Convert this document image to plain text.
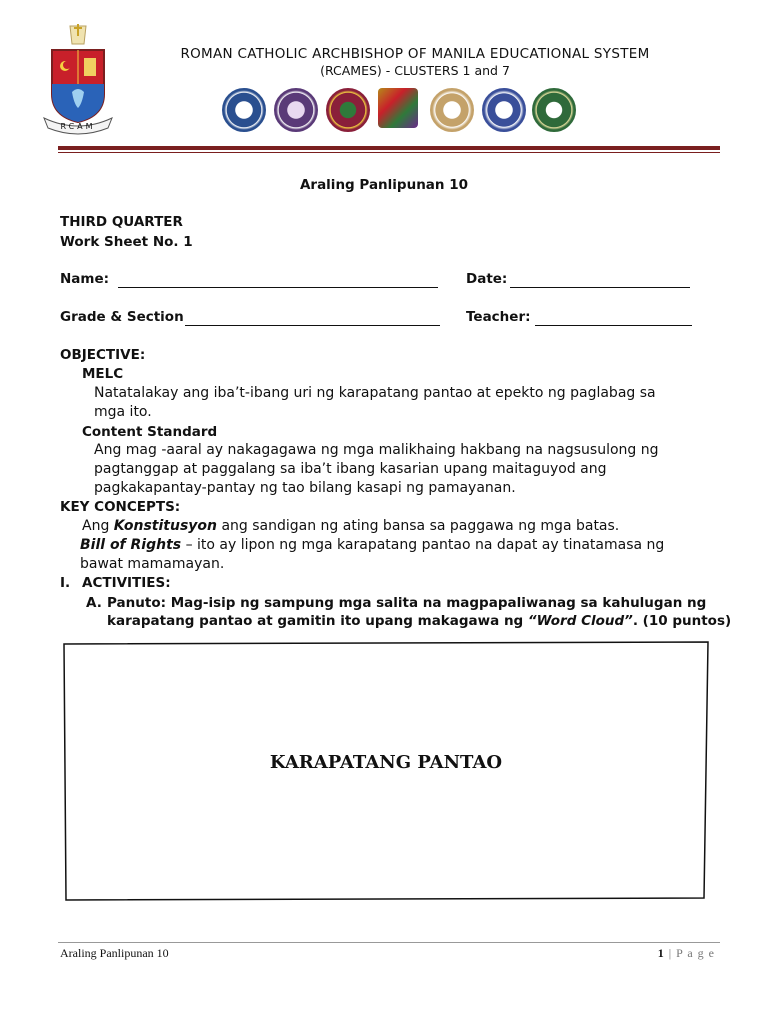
RCAM
ROMAN CATHOLIC ARCHBISHOP OF MANILA EDUCATIONAL SYSTEM
(RCAMES) - CLUSTERS 1 and 7
Araling Panlipunan 10
THIRD QUARTER
Work Sheet No. 1
Name:	Date:
Grade & Section	Teacher:
OBJECTIVE:
MELC
Natatalakay ang iba’t-ibang uri ng karapatang pantao at epekto ng paglabag sa
mga ito.
Content Standard
Ang mag -aaral ay nakagagawa ng mga malikhaing hakbang na nagsusulong ng
pagtanggap at paggalang sa iba’t ibang kasarian upang maitaguyod ang
pagkakapantay-pantay ng tao bilang kasapi ng pamayanan.
KEY CONCEPTS:
Ang Konstitusyon ang sandigan ng ating bansa sa paggawa ng mga batas.
Bill of Rights – ito ay lipon ng mga karapatang pantao na dapat ay tinatamasa ng
bawat mamamayan.
I. ACTIVITIES:
A. Panuto: Mag-isip ng sampung mga salita na magpapaliwanag sa kahulugan ng
karapatang pantao at gamitin ito upang makagawa ng “Word Cloud”. (10 puntos)
KARAPATANG PANTAO
Araling Panlipunan 10	1 | P a g e
